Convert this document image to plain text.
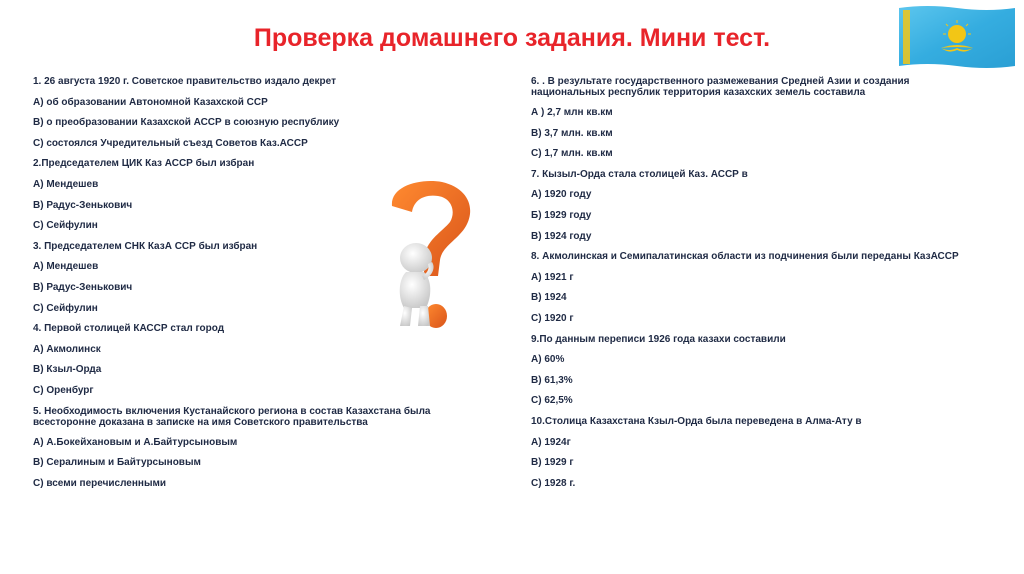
Проверка домашнего задания. Мини тест.

1. 26 августа 1920 г. Советское правительство издало декрет

А) об образовании Автономной Казахской ССР

В) о преобразовании Казахской АССР в союзную республику

С) состоялся Учредительный съезд Советов Каз.АССР

2.Председателем ЦИК Каз АССР был избран

А) Мендешев

В) Радус-Зенькович

С) Сейфулин

3. Председателем СНК КазА ССР был избран

А) Мендешев

В) Радус-Зенькович

С) Сейфулин

4. Первой столицей КАССР стал город

А) Акмолинск

В) Кзыл-Орда

С) Оренбург

5. Необходимость включения Кустанайского региона в состав Казахстана была всесторонне доказана в записке на имя Советского правительства

А) А.Бокейхановым и А.Байтурсыновым

В) Сералиным и Байтурсыновым

С) всеми перечисленными

6. . В результате государственного размежевания Средней Азии и создания национальных республик территория казахских земель составила

А ) 2,7 млн кв.км

В) 3,7 млн. кв.км

С) 1,7 млн. кв.км

7. Кызыл-Орда стала столицей Каз. АССР в

А) 1920 году

Б) 1929 году

В) 1924 году

8. Акмолинская и Семипалатинская области из подчинения были переданы КазАССР

А) 1921 г

В) 1924

С) 1920 г

9.По данным переписи 1926 года казахи составили

А) 60%

В) 61,3%

С) 62,5%

10.Столица Казахстана Кзыл-Орда была переведена в Алма-Ату в

А) 1924г

В) 1929 г

С) 1928 г.
